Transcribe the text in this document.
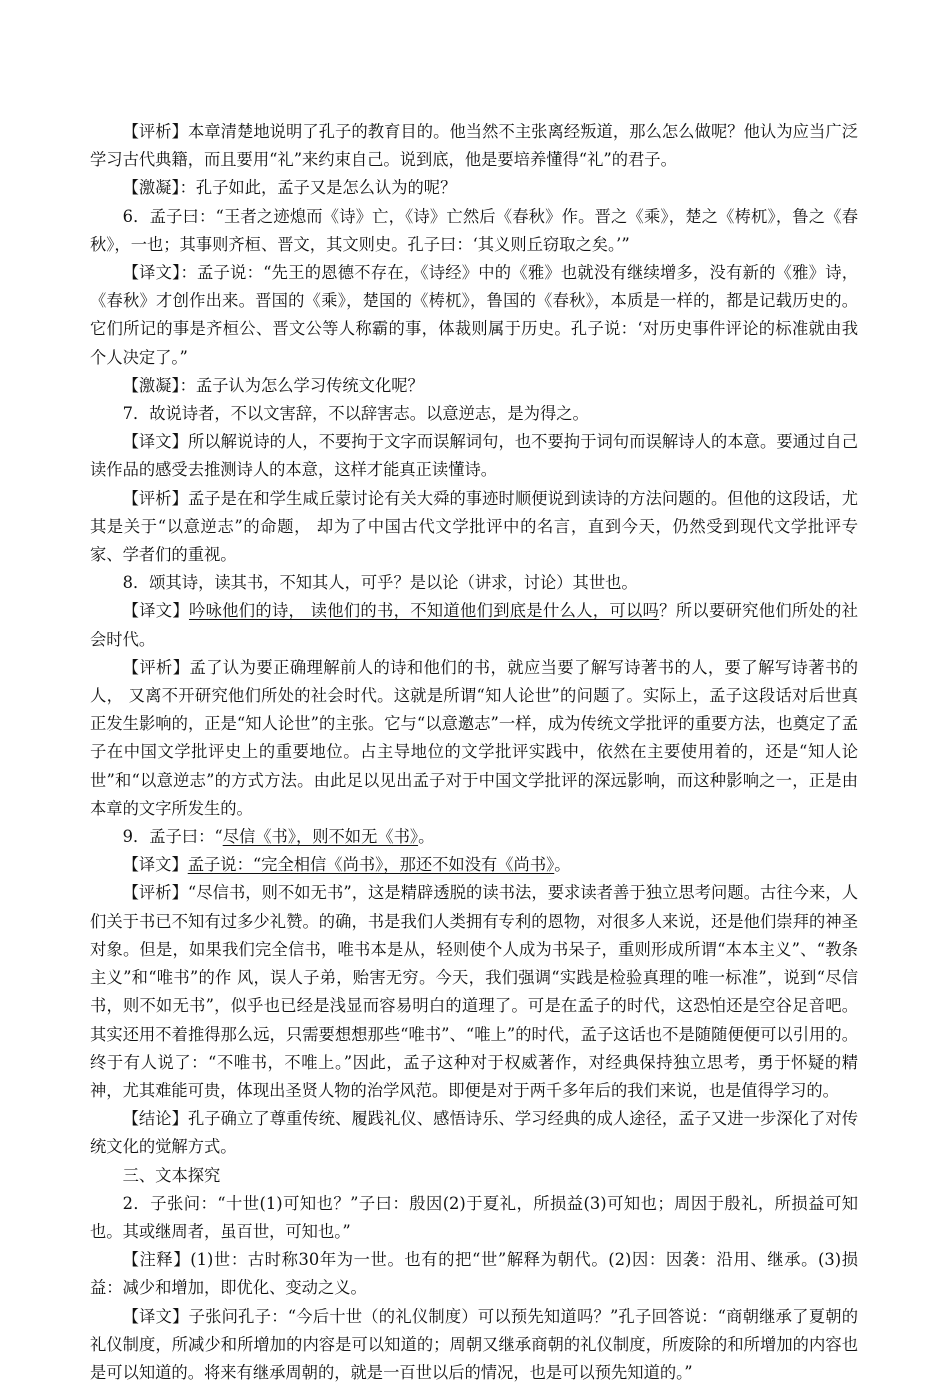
【评析】本章清楚地说明了孔子的教育目的。他当然不主张离经叛道，那么怎么做呢？他认为应当广泛学习古代典籍，而且要用“礼”来约束自己。说到底，他是要培养懂得“礼”的君子。

【激凝】：孔子如此，孟子又是怎么认为的呢？

6．孟子曰：“王者之迹熄而《诗》亡，《诗》亡然后《春秋》作。晋之《乘》，楚之《梼杌》，鲁之《春秋》，一也；其事则齐桓、晋文，其文则史。孔子曰：‘其义则丘窃取之矣。’”

【译文】：孟子说：“先王的恩德不存在，《诗经》中的《雅》也就没有继续增多，没有新的《雅》诗，《春秋》才创作出来。晋国的《乘》，楚国的《梼杌》，鲁国的《春秋》，本质是一样的，都是记载历史的。它们所记的事是齐桓公、晋文公等人称霸的事，体裁则属于历史。孔子说：‘对历史事件评论的标准就由我个人决定了。”

【激凝】：孟子认为怎么学习传统文化呢？

7．故说诗者，不以文害辞，不以辞害志。以意逆志，是为得之。

【译文】所以解说诗的人，不要拘于文字而误解词句，也不要拘于词句而误解诗人的本意。要通过自己读作品的感受去推测诗人的本意，这样才能真正读懂诗。

【评析】孟子是在和学生咸丘蒙讨论有关大舜的事迹时顺便说到读诗的方法问题的。但他的这段话，尤其是关于“以意逆志”的命题， 却为了中国古代文学批评中的名言，直到今天，仍然受到现代文学批评专家、学者们的重视。

8．颂其诗，读其书，不知其人，可乎？是以论（讲求，讨论）其世也。

【译文】吟咏他们的诗， 读他们的书，不知道他们到底是什么人，可以吗？所以要研究他们所处的社会时代。

【评析】孟了认为要正确理解前人的诗和他们的书，就应当要了解写诗著书的人，要了解写诗著书的人， 又离不开研究他们所处的社会时代。这就是所谓“知人论世”的问题了。实际上，孟子这段话对后世真正发生影响的，正是“知人论世”的主张。它与“以意邀志”一样，成为传统文学批评的重要方法，也奠定了孟子在中国文学批评史上的重要地位。占主导地位的文学批评实践中，依然在主要使用着的，还是“知人论世”和“以意逆志”的方式方法。由此足以见出孟子对于中国文学批评的深远影响，而这种影响之一，正是由本章的文字所发生的。

9．孟子曰：“尽信《书》，则不如无《书》。

【译文】孟子说：“完全相信《尚书》，那还不如没有《尚书》。

【评析】“尽信书，则不如无书”，这是精辟透脱的读书法，要求读者善于独立思考问题。古往今来，人们关于书已不知有过多少礼赞。的确，书是我们人类拥有专利的恩物，对很多人来说，还是他们崇拜的神圣对象。但是，如果我们完全信书，唯书本是从，轻则使个人成为书呆子，重则形成所谓“本本主义”、“教条主义”和“唯书”的作 风，误人子弟，贻害无穷。今天，我们强调“实践是检验真理的唯一标准”，说到“尽信书，则不如无书”，似乎也已经是浅显而容易明白的道理了。可是在孟子的时代，这恐怕还是空谷足音吧。其实还用不着推得那么远，只需要想想那些“唯书”、“唯上”的时代，孟子这话也不是随随便便可以引用的。终于有人说了：“不唯书，不唯上。”因此，孟子这种对于权威著作，对经典保持独立思考，勇于怀疑的精神，尤其难能可贵，体现出圣贤人物的治学风范。即便是对于两千多年后的我们来说，也是值得学习的。

【结论】孔子确立了尊重传统、履践礼仪、感悟诗乐、学习经典的成人途径，孟子又进一步深化了对传统文化的觉解方式。

三、文本探究

2．子张问：“十世(1)可知也？”子曰：殷因(2)于夏礼，所损益(3)可知也；周因于殷礼，所损益可知也。其或继周者，虽百世，可知也。”

【注释】(1)世：古时称30年为一世。也有的把“世”解释为朝代。(2)因：因袭：沿用、继承。(3)损益：减少和增加，即优化、变动之义。

【译文】子张问孔子：“今后十世（的礼仪制度）可以预先知道吗？”孔子回答说：“商朝继承了夏朝的礼仪制度，所减少和所增加的内容是可以知道的；周朝又继承商朝的礼仪制度，所废除的和所增加的内容也是可以知道的。将来有继承周朝的，就是一百世以后的情况，也是可以预先知道的。”
